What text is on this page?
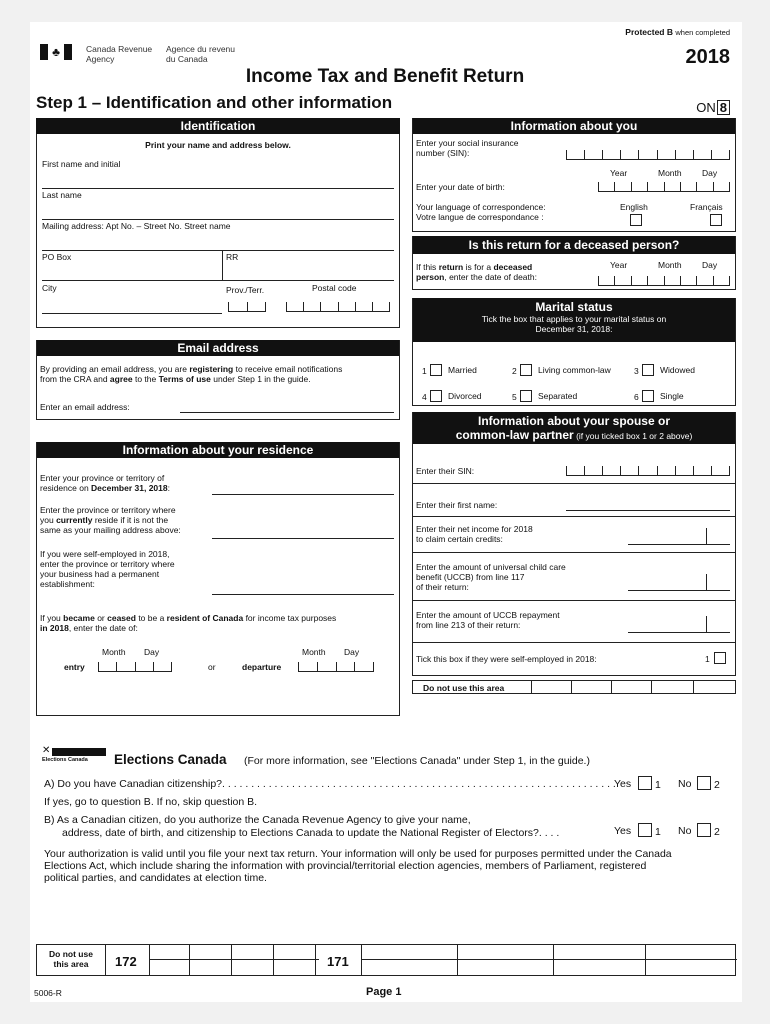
Protected B when completed
♣	Canada Revenue
Agency
Agence du revenu
du Canada	2018
Income Tax and Benefit Return
Step 1 – Identification and other information	ON 8
Identification
Print your name and address below.
First name and initial
Last name
Mailing address: Apt No. – Street No. Street name
PO Box	RR
City	Prov./Terr.	Postal code
Email address
By providing an email address, you are registering to receive email notifications
from the CRA and agree to the Terms of use under Step 1 in the guide.
Enter an email address:
Information about your residence
Enter your province or territory of
residence on December 31, 2018:
Enter the province or territory where
you currently reside if it is not the
same as your mailing address above:
If you were self-employed in 2018,
enter the province or territory where
your business had a permanent
establishment:
If you became or ceased to be a resident of Canada for income tax purposes
in 2018, enter the date of:
Month Day
entry	or	departure
Month Day
Information about you
Enter your social insurance
number (SIN):
Year	Month Day
Enter your date of birth:
Your language of correspondence:
Votre langue de correspondance :
English	Français
Is this return for a deceased person?
Year	Month Day
If this return is for a deceased
person, enter the date of death:
Marital status
Tick the box that applies to your marital status on
December 31, 2018:
1	Married	2	Living common-law	3	Widowed
4	Divorced	5	Separated	6	Single
Information about your spouse or
common-law partner (if you ticked box 1 or 2 above)
Enter their SIN:
Enter their first name:
Enter their net income for 2018
to claim certain credits:
Enter the amount of universal child care
benefit (UCCB) from line 117
of their return:
Enter the amount of UCCB repayment
from line 213 of their return:
Tick this box if they were self-employed in 2018:	1
Do not use this area
✕
Elections Canada Elections Canada (For more information, see "Elections Canada" under Step 1, in the guide.)
A) Do you have Canadian citizenship?. . . . . . . . . . . . . . . . . . . . . . . . . . . . . . . . . . . . . . . . . . . . . . . . . . . . . . . . . . . . . . . . . . . .
Yes 1 No 2
If yes, go to question B. If no, skip question B.
B) As a Canadian citizen, do you authorize the Canada Revenue Agency to give your name,
address, date of birth, and citizenship to Elections Canada to update the National Register of Electors?. . . .	Yes 1 No 2
Your authorization is valid until you file your next tax return. Your information will only be used for purposes permitted under the Canada
Elections Act, which include sharing the information with provincial/territorial election agencies, members of Parliament, registered
political parties, and candidates at election time.
Do not use
this area	172	171
5006-R	Page 1
